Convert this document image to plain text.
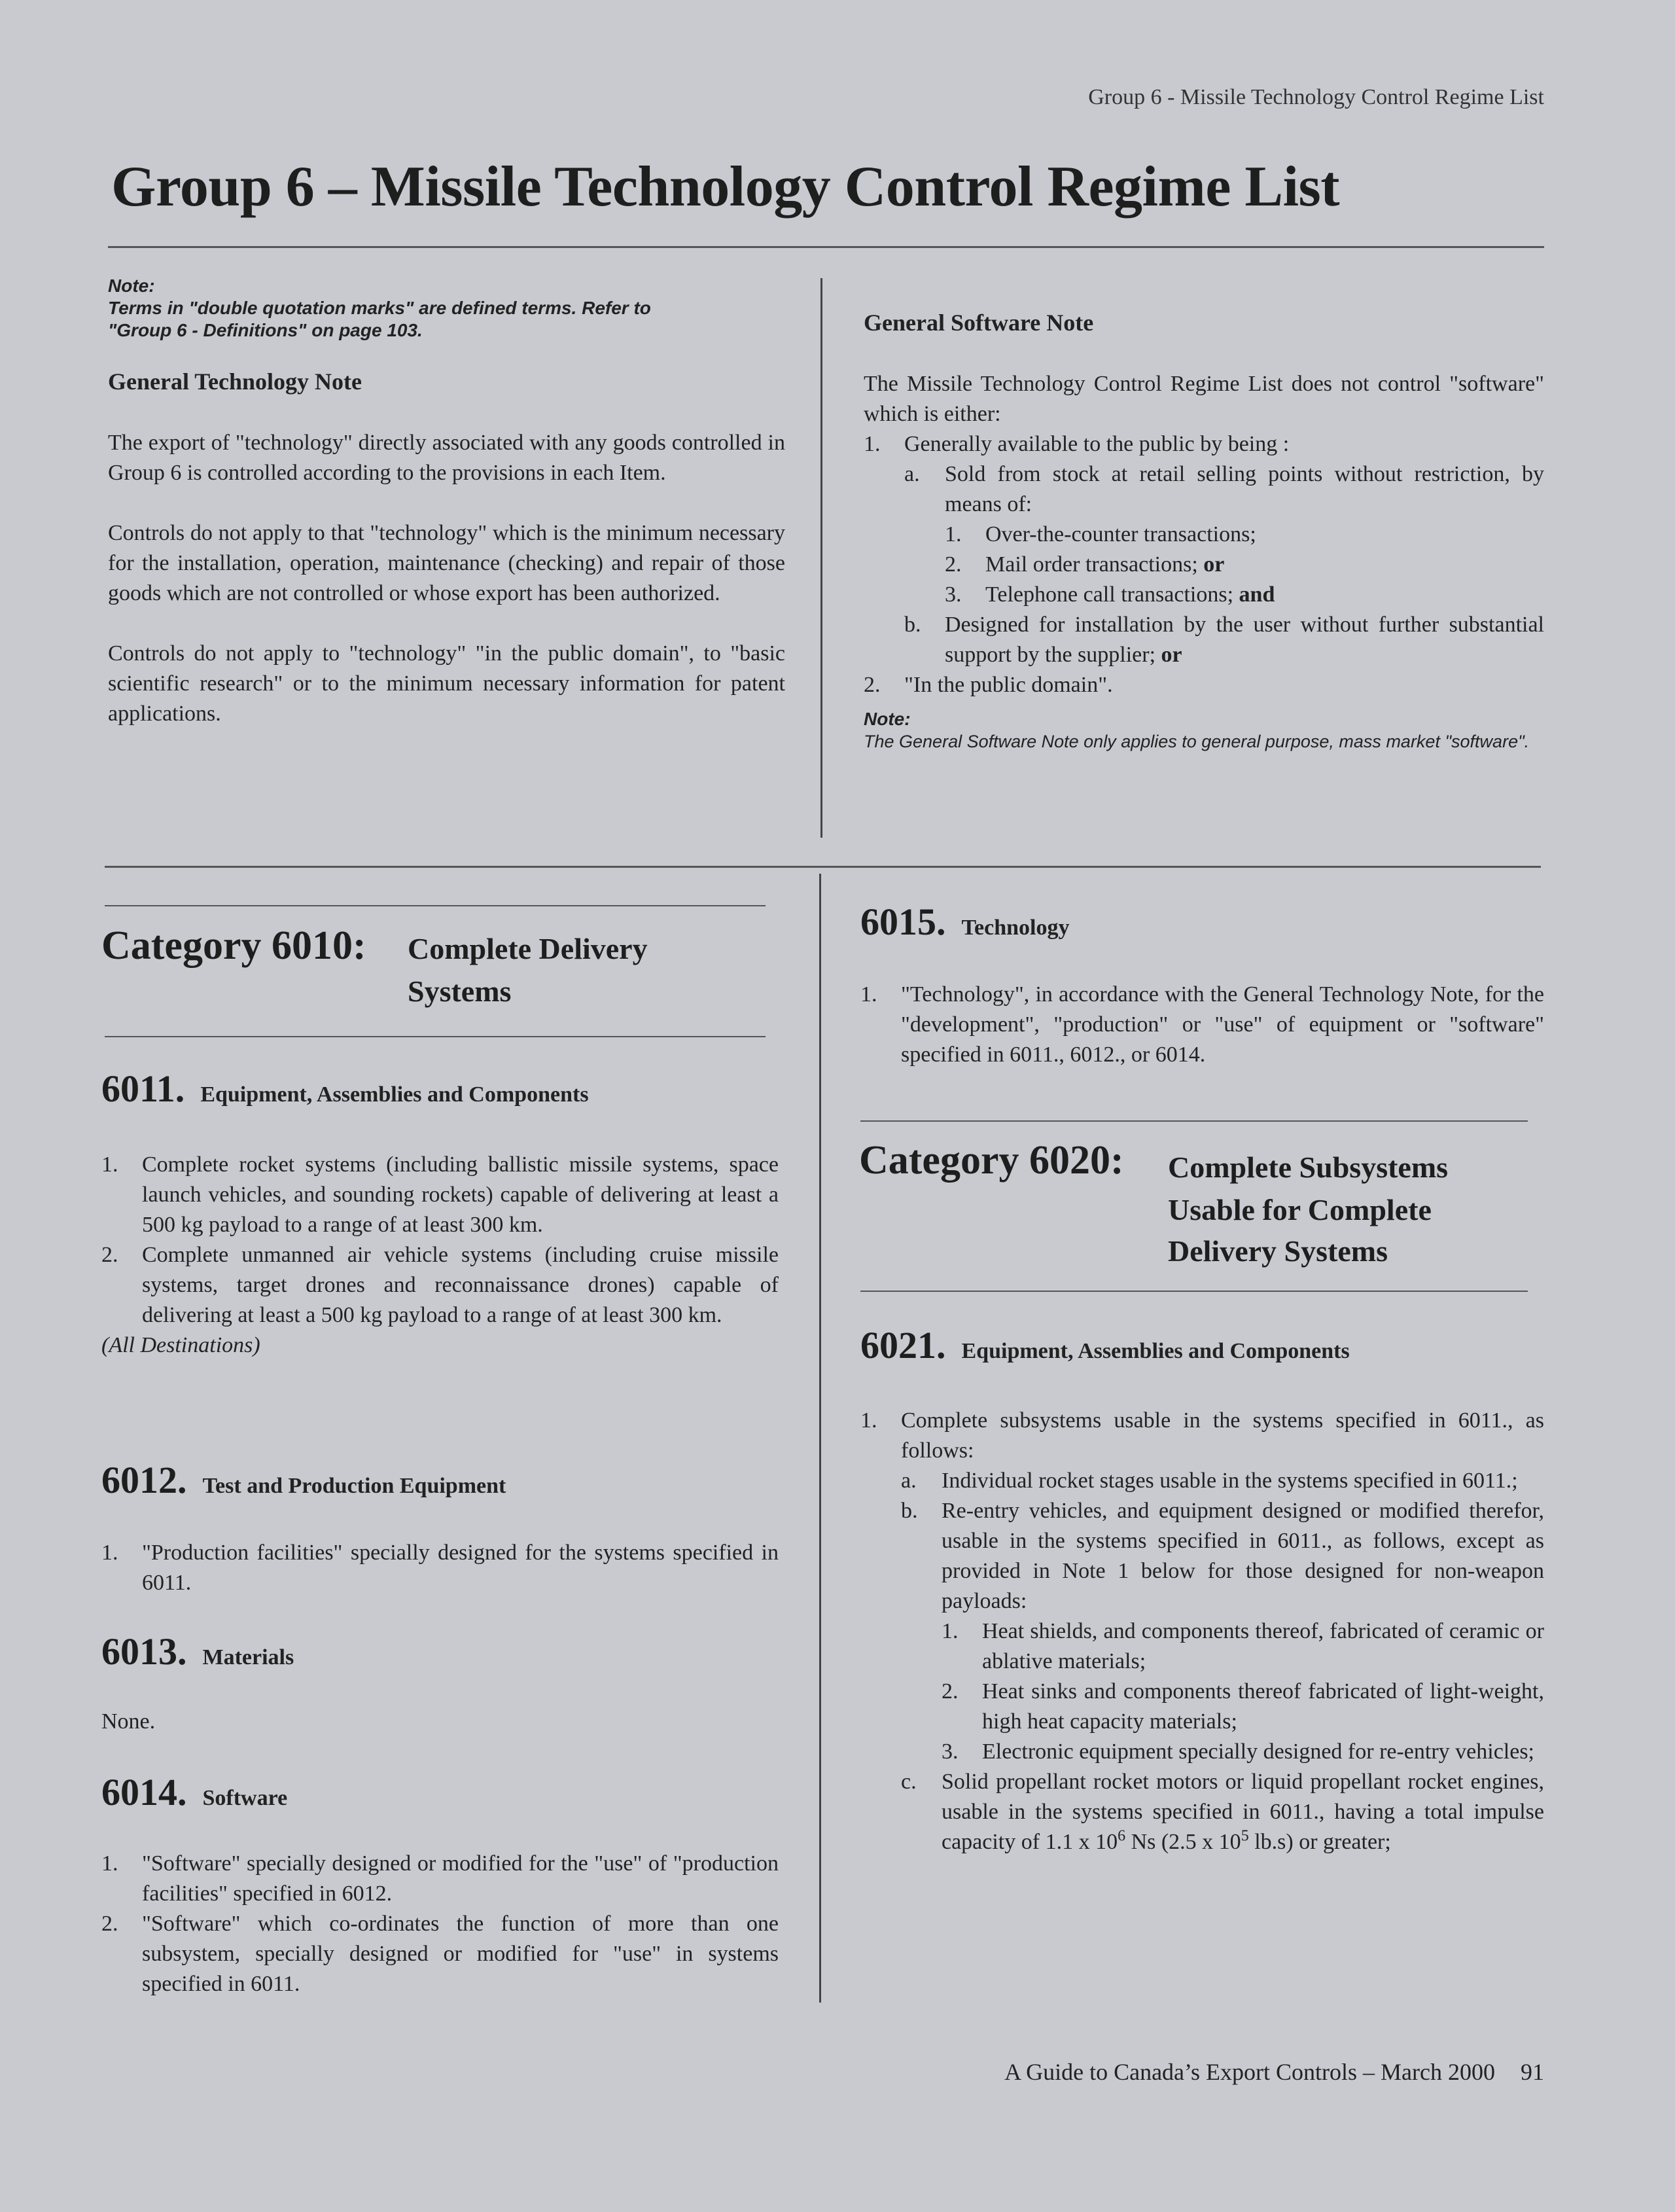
Group 6 - Missile Technology Control Regime List
Group 6 – Missile Technology Control Regime List
Note:
Terms in "double quotation marks" are defined terms. Refer to "Group 6 - Definitions" on page 103.

General Technology Note

The export of "technology" directly associated with any goods controlled in Group 6 is controlled according to the provisions in each Item.

Controls do not apply to that "technology" which is the minimum necessary for the installation, operation, maintenance (checking) and repair of those goods which are not controlled or whose export has been authorized.

Controls do not apply to "technology" "in the public domain", to "basic scientific research" or to the minimum necessary information for patent applications.

General Software Note

The Missile Technology Control Regime List does not control "software" which is either:

1. Generally available to the public by being :
a. Sold from stock at retail selling points without restriction, by means of:
1. Over-the-counter transactions;
2. Mail order transactions; or
3. Telephone call transactions; and
b. Designed for installation by the user without further substantial support by the supplier; or
2. "In the public domain".
Note:
The General Software Note only applies to general purpose, mass market "software".
Category 6010: Complete Delivery
Systems
6011. Equipment, Assemblies and Components
1. Complete rocket systems (including ballistic missile systems, space launch vehicles, and sounding rockets) capable of delivering at least a 500 kg payload to a range of at least 300 km.
2. Complete unmanned air vehicle systems (including cruise missile systems, target drones and reconnaissance drones) capable of delivering at least a 500 kg payload to a range of at least 300 km.

(All Destinations)

6012. Test and Production Equipment
1. "Production facilities" specially designed for the systems specified in 6011.
6013. Materials

None.

6014. Software
1. "Software" specially designed or modified for the "use" of "production facilities" specified in 6012.
2. "Software" which co-ordinates the function of more than one subsystem, specially designed or modified for "use" in systems specified in 6011.
6015. Technology
1. "Technology", in accordance with the General Technology Note, for the "development", "production" or "use" of equipment or "software" specified in 6011., 6012., or 6014.
Category 6020: Complete Subsystems
Usable for Complete
Delivery Systems
6021. Equipment, Assemblies and Components
1. Complete subsystems usable in the systems specified in 6011., as follows:
a. Individual rocket stages usable in the systems specified in 6011.;
b. Re-entry vehicles, and equipment designed or modified therefor, usable in the systems specified in 6011., as follows, except as provided in Note 1 below for those designed for non-weapon payloads:
1. Heat shields, and components thereof, fabricated of ceramic or ablative materials;
2. Heat sinks and components thereof fabricated of light-weight, high heat capacity materials;
3. Electronic equipment specially designed for re-entry vehicles;
c. Solid propellant rocket motors or liquid propellant rocket engines, usable in the systems specified in 6011., having a total impulse capacity of 1.1 x $10^6$ Ns (2.5 x $10^5$ lb.s) or greater;
A Guide to Canada’s Export Controls – March 2000 91
